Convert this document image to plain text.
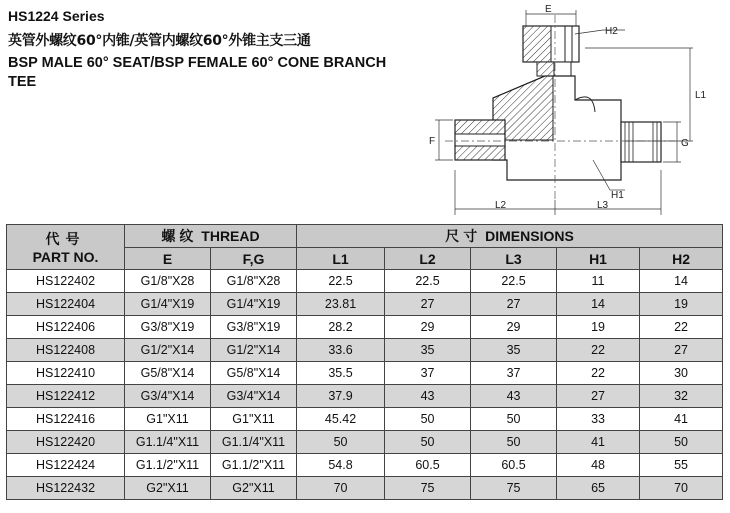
HS1224 Series
英管外螺纹60°内锥/英管内螺纹60°外锥主支三通
BSP MALE 60° SEAT/BSP FEMALE 60° CONE BRANCH TEE
E
H2
L1
F	G
H1
L2	L3
代号
PART NO.	螺纹 THREAD		尺寸 DIMENSIONS				
	E	F,G	L1	L2	L3	H1	H2
HS122402	G1/8"X28	G1/8"X28	22.5	22.5	22.5	11	14
HS122404	G1/4"X19	G1/4"X19	23.81	27	27	14	19
HS122406	G3/8"X19	G3/8"X19	28.2	29	29	19	22
HS122408	G1/2"X14	G1/2"X14	33.6	35	35	22	27
HS122410	G5/8"X14	G5/8"X14	35.5	37	37	22	30
HS122412	G3/4"X14	G3/4"X14	37.9	43	43	27	32
HS122416	G1"X11	G1"X11	45.42	50	50	33	41
HS122420	G1.1/4"X11	G1.1/4"X11	50	50	50	41	50
HS122424	G1.1/2"X11	G1.1/2"X11	54.8	60.5	60.5	48	55
HS122432	G2"X11	G2"X11	70	75	75	65	70
